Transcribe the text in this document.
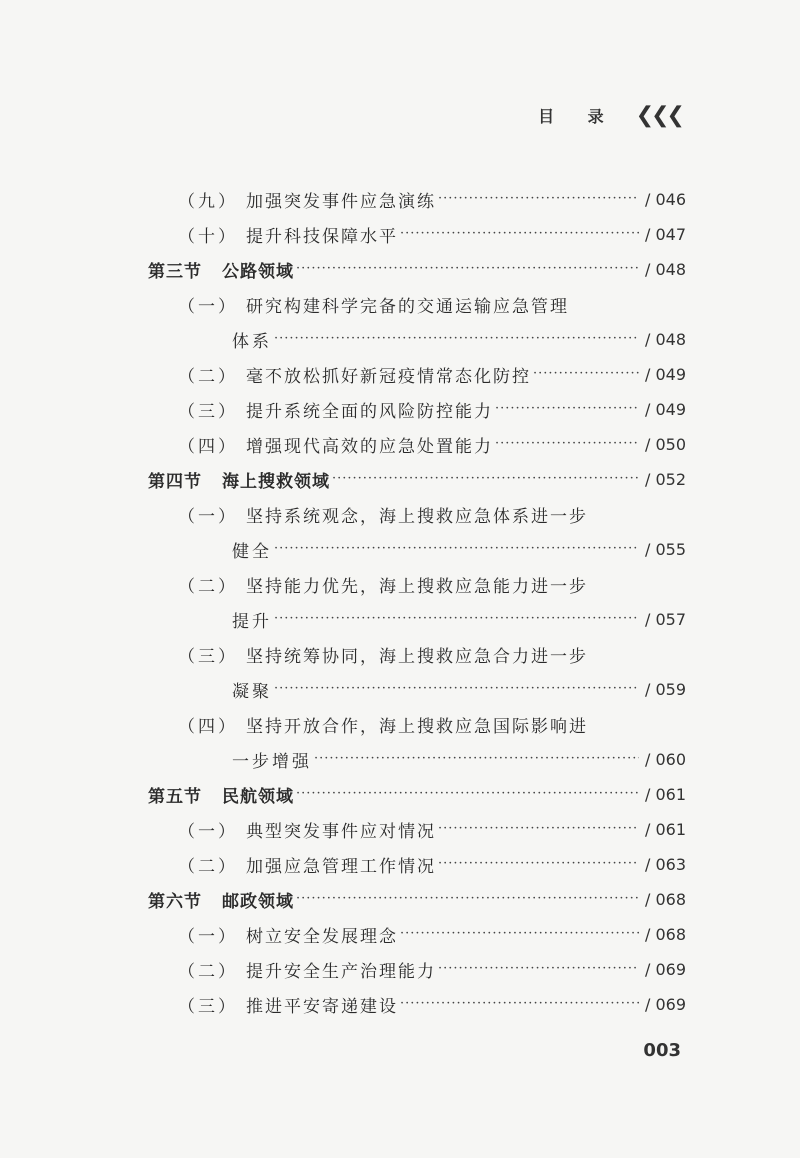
目 录 ❮❮❮
（九） 加强突发事件应急演练 ·····	/ 046
（十） 提升科技保障水平 ·····	/ 047
第三节 公路领域 ·····	/ 048
（一） 研究构建科学完备的交通运输应急管理
体系 ·····	/ 048
（二） 毫不放松抓好新冠疫情常态化防控 ·····	/ 049
（三） 提升系统全面的风险防控能力 ·····	/ 049
（四） 增强现代高效的应急处置能力 ·····	/ 050
第四节 海上搜救领域 ·····	/ 052
（一） 坚持系统观念，海上搜救应急体系进一步
健全 ·····	/ 055
（二） 坚持能力优先，海上搜救应急能力进一步
提升 ·····	/ 057
（三） 坚持统筹协同，海上搜救应急合力进一步
凝聚 ·····	/ 059
（四） 坚持开放合作，海上搜救应急国际影响进
一步增强 ·····	/ 060
第五节 民航领域 ·····	/ 061
（一） 典型突发事件应对情况 ·····	/ 061
（二） 加强应急管理工作情况 ·····	/ 063
第六节 邮政领域 ·····	/ 068
（一） 树立安全发展理念 ·····	/ 068
（二） 提升安全生产治理能力 ·····	/ 069
（三） 推进平安寄递建设 ·····	/ 069
003
